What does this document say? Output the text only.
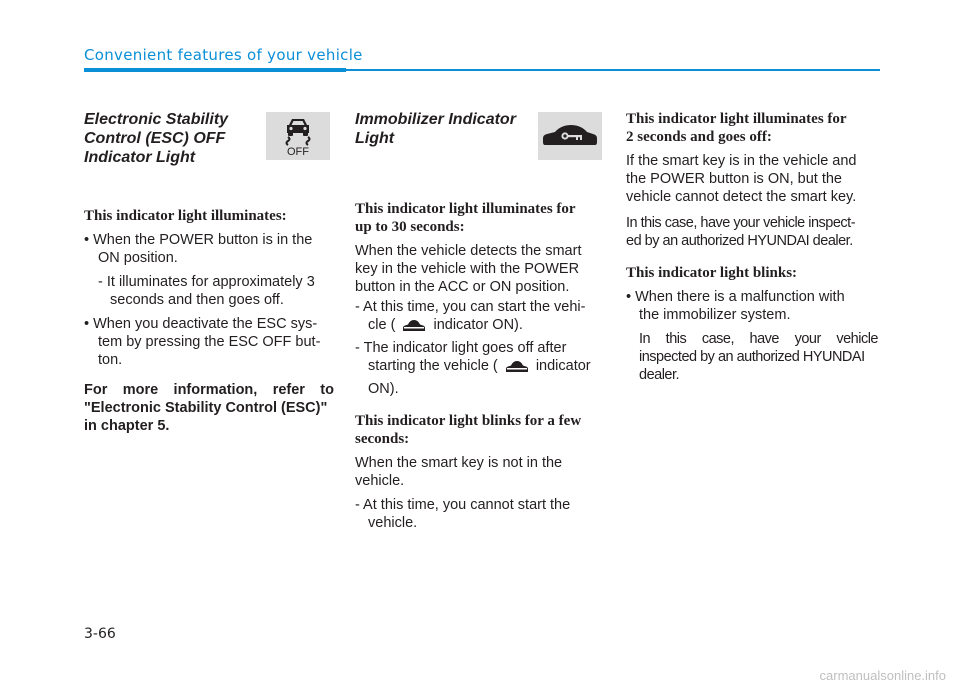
Convenient features of your vehicle
Electronic Stability
Control (ESC) OFF
Indicator Light	OFF
This indicator light illuminates:

• When the POWER button is in the

ON position.

- It illuminates for approximately 3

seconds and then goes off.

• When you deactivate the ESC sys-

tem by pressing the ESC OFF but-

ton.

For more information, refer to

"Electronic Stability Control (ESC)"

in chapter 5.

Immobilizer Indicator
Light
This indicator light illuminates for
up to 30 seconds:

When the vehicle detects the smart

key in the vehicle with the POWER

button in the ACC or ON position.

- At this time, you can start the vehi-

cle (	indicator ON).

- The indicator light goes off after

starting the vehicle (	indicator

ON).

This indicator light blinks for a few
seconds:

When the smart key is not in the

vehicle.

- At this time, you cannot start the

vehicle.

This indicator light illuminates for
2 seconds and goes off:

If the smart key is in the vehicle and

the POWER button is ON, but the

vehicle cannot detect the smart key.

In this case, have your vehicle inspect-

ed by an authorized HYUNDAI dealer.

This indicator light blinks:

• When there is a malfunction with

the immobilizer system.

In this case, have your vehicle

inspected by an authorized HYUNDAI

dealer.

3-66
carmanualsonline.info
